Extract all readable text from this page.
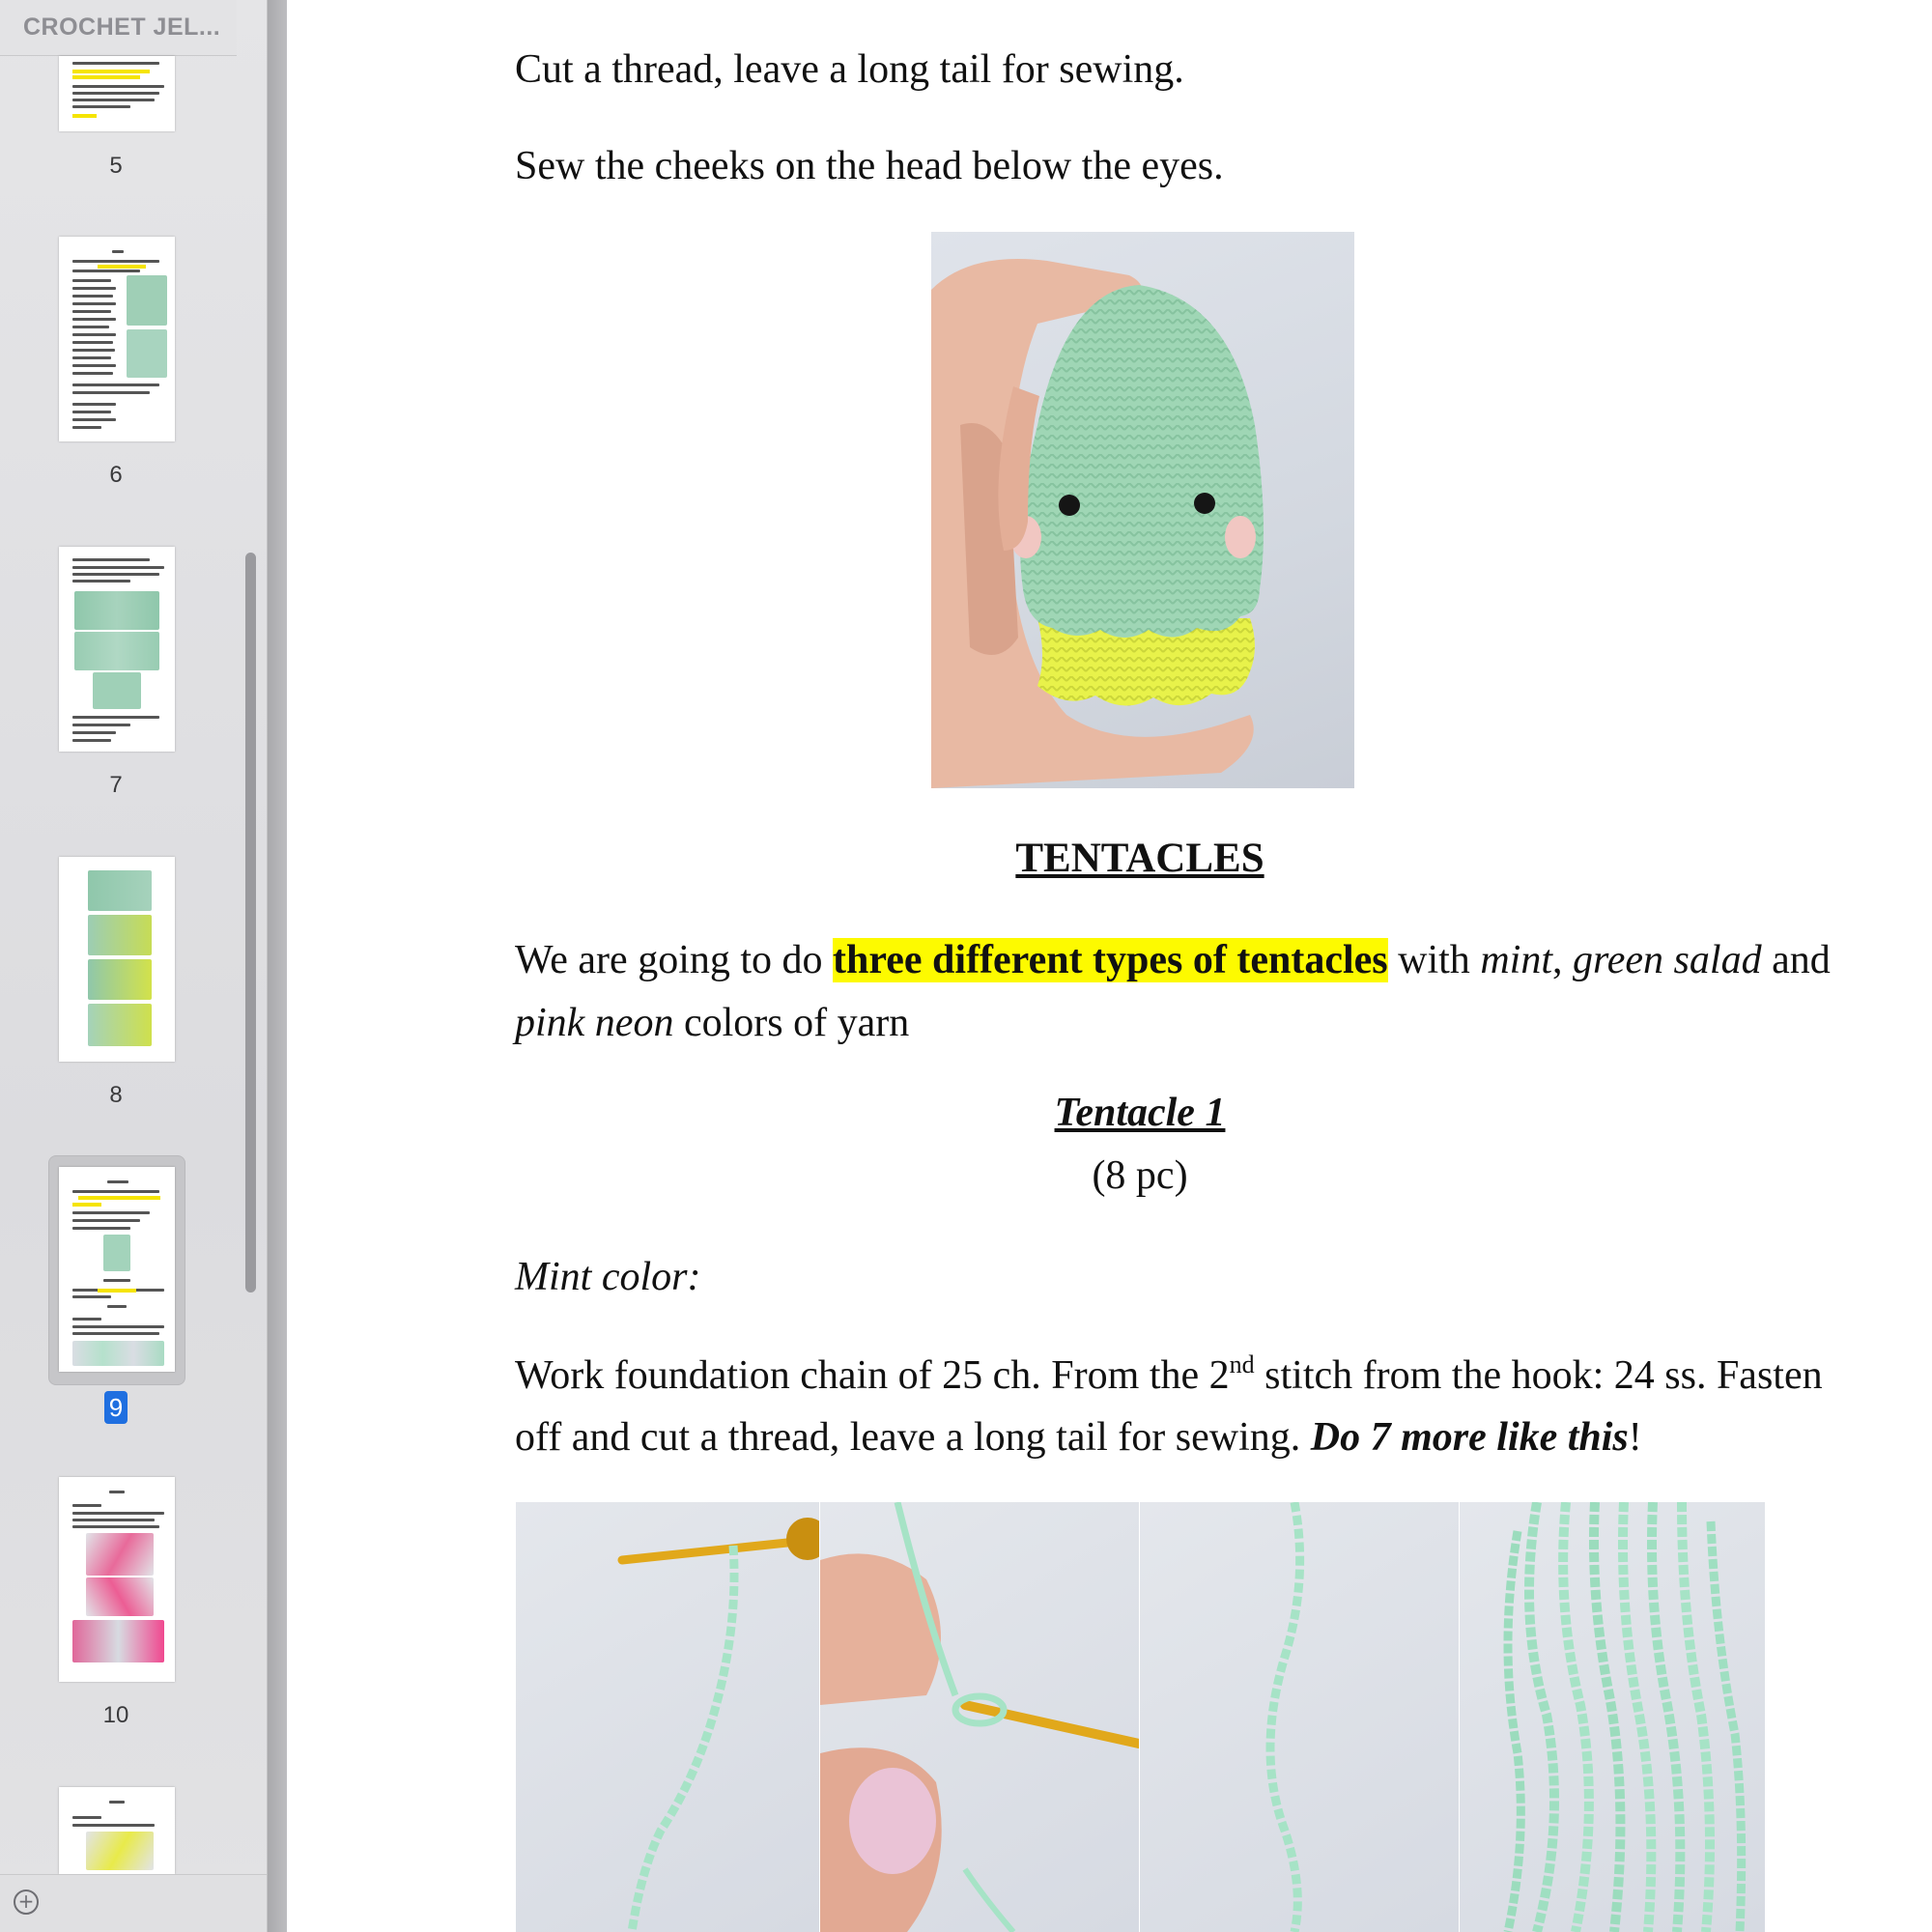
CROCHET JEL...
5
6
7
8
9
10
+
Cut a thread, leave a long tail for sewing.
Sew the cheeks on the head below the eyes.
TENTACLES
We are going to do three different types of tentacles with mint, green salad and
pink neon colors of yarn
Tentacle 1
(8 pc)
Mint color:
Work foundation chain of 25 ch. From the 2nd stitch from the hook: 24 ss. Fasten
off and cut a thread, leave a long tail for sewing. Do 7 more like this!
